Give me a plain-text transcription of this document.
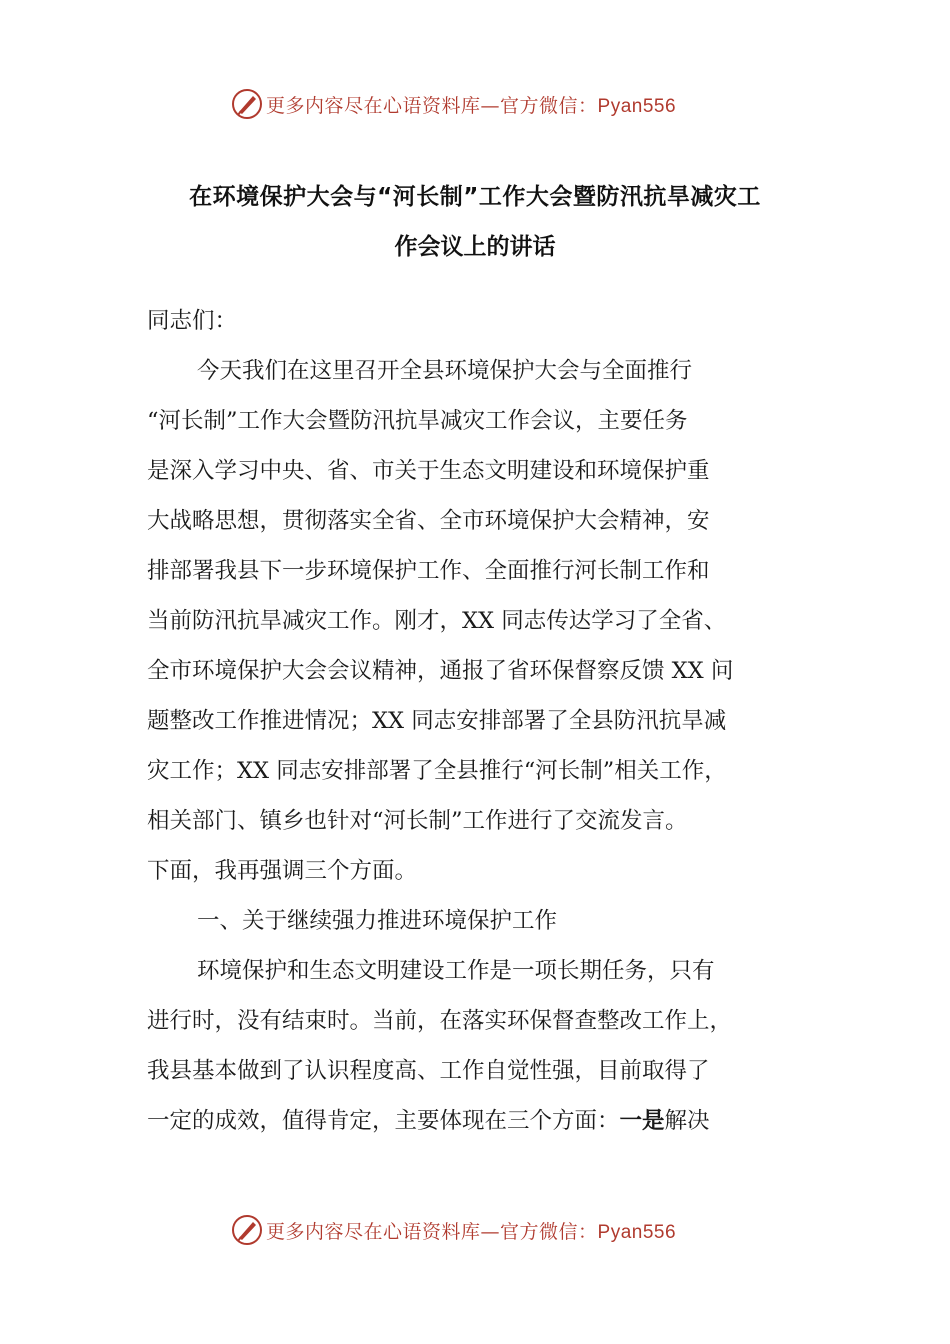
更多内容尽在心语资料库—官方微信：Pyan556
在环境保护大会与“河长制”工作大会暨防汛抗旱减灾工
作会议上的讲话
同志们：
今天我们在这里召开全县环境保护大会与全面推行
“河长制”工作大会暨防汛抗旱减灾工作会议，主要任务
是深入学习中央、省、市关于生态文明建设和环境保护重
大战略思想，贯彻落实全省、全市环境保护大会精神，安
排部署我县下一步环境保护工作、全面推行河长制工作和
当前防汛抗旱减灾工作。刚才，XX 同志传达学习了全省、
全市环境保护大会会议精神，通报了省环保督察反馈 XX 问
题整改工作推进情况；XX 同志安排部署了全县防汛抗旱减
灾工作；XX 同志安排部署了全县推行“河长制”相关工作，
相关部门、镇乡也针对“河长制”工作进行了交流发言。
下面，我再强调三个方面。
一、关于继续强力推进环境保护工作
环境保护和生态文明建设工作是一项长期任务，只有
进行时，没有结束时。当前，在落实环保督查整改工作上，
我县基本做到了认识程度高、工作自觉性强，目前取得了
一定的成效，值得肯定，主要体现在三个方面：一是解决
更多内容尽在心语资料库—官方微信：Pyan556
